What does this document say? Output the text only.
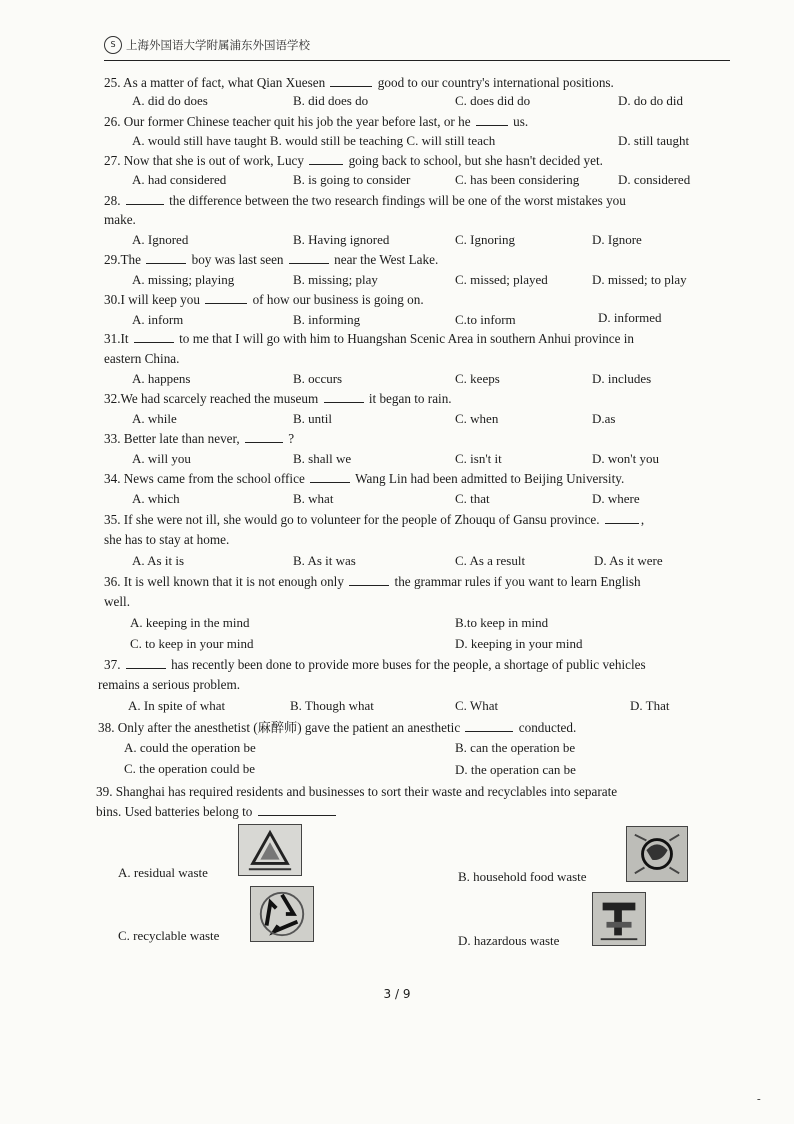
S 上海外国语大学附属浦东外国语学校
25. As a matter of fact, what Qian Xuesen	good to our country's international positions.
A. did do does	B. did does do	C. does did do	D. do do did
26. Our former Chinese teacher quit his job the year before last, or he	us.
A. would still have taught B. would still be teaching C. will still teach	D. still taught
27. Now that she is out of work, Lucy	going back to school, but she hasn't decided yet.
A. had considered	B. is going to consider	C. has been considering	D. considered
28.	the difference between the two research findings will be one of the worst mistakes you
make.
A. Ignored	B. Having ignored	C. Ignoring	D. Ignore
29.The	boy was last seen	near the West Lake.
A. missing; playing	B. missing; play	C. missed; played	D. missed; to play
30.I will keep you	of how our business is going on.
A. inform	B. informing	C.to inform	D. informed
31.It	to me that I will go with him to Huangshan Scenic Area in southern Anhui province in
eastern China.
A. happens	B. occurs	C. keeps	D. includes
32.We had scarcely reached the museum	it began to rain.
A. while	B. until	C. when	D.as
33. Better late than never,	?
A. will you	B. shall we	C. isn't it	D. won't you
34. News came from the school office	Wang Lin had been admitted to Beijing University.
A. which	B. what	C. that	D. where
35. If she were not ill, she would go to volunteer for the people of Zhouqu of Gansu province.	,
she has to stay at home.
A. As it is	B. As it was	C. As a result	D. As it were
36. It is well known that it is not enough only	the grammar rules if you want to learn English
well.
A. keeping in the mind	B.to keep in mind
C. to keep in your mind	D. keeping in your mind
37.	has recently been done to provide more buses for the people, a shortage of public vehicles
remains a serious problem.
A. In spite of what	B. Though what	C. What	D. That
38. Only after the anesthetist (麻醉师) gave the patient an anesthetic	conducted.
A. could the operation be	B. can the operation be
C. the operation could be	D. the operation can be
39. Shanghai has required residents and businesses to sort their waste and recyclables into separate
bins. Used batteries belong to
A. residual waste	B. household food waste
C. recyclable waste	D. hazardous waste
3 / 9
-
